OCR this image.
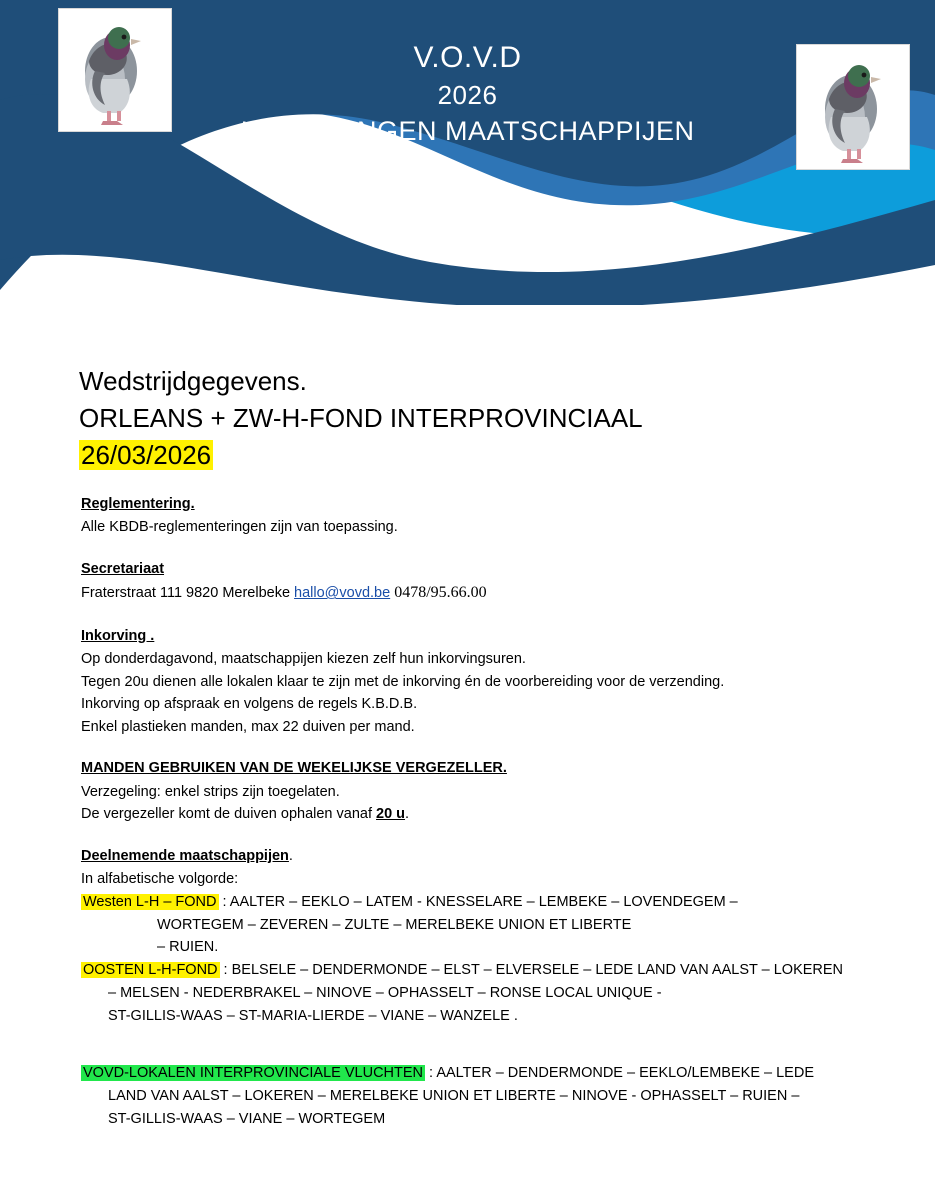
V.O.V.D
2026
INLICHTINGEN MAATSCHAPPIJEN
Wedstrijdgegevens.
ORLEANS + ZW-H-FOND INTERPROVINCIAAL
26/03/2026
Reglementering.

Alle KBDB-reglementeringen zijn van toepassing.

Secretariaat

Fraterstraat 111 9820 Merelbeke hallo@vovd.be 0478/95.66.00

Inkorving .

Op donderdagavond, maatschappijen kiezen zelf hun inkorvingsuren.

Tegen 20u dienen alle lokalen klaar te zijn met de inkorving én de voorbereiding voor de verzending.

Inkorving op afspraak en volgens de regels K.B.D.B.

Enkel plastieken manden, max 22 duiven per mand.

MANDEN GEBRUIKEN VAN DE WEKELIJKSE VERGEZELLER.

Verzegeling: enkel strips zijn toegelaten.

De vergezeller komt de duiven ophalen vanaf 20 u.

Deelnemende maatschappijen.

In alfabetische volgorde:

Westen L-H – FOND : AALTER – EEKLO – LATEM - KNESSELARE – LEMBEKE – LOVENDEGEM –
WORTEGEM – ZEVEREN – ZULTE – MERELBEKE UNION ET LIBERTE
– RUIEN.
OOSTEN L-H-FOND : BELSELE – DENDERMONDE – ELST – ELVERSELE – LEDE LAND VAN AALST – LOKEREN
– MELSEN - NEDERBRAKEL – NINOVE – OPHASSELT – RONSE LOCAL UNIQUE -
ST-GILLIS-WAAS – ST-MARIA-LIERDE – VIANE – WANZELE .
VOVD-LOKALEN INTERPROVINCIALE VLUCHTEN : AALTER – DENDERMONDE – EEKLO/LEMBEKE – LEDE
LAND VAN AALST – LOKEREN – MERELBEKE UNION ET LIBERTE – NINOVE - OPHASSELT – RUIEN –
ST-GILLIS-WAAS – VIANE – WORTEGEM
